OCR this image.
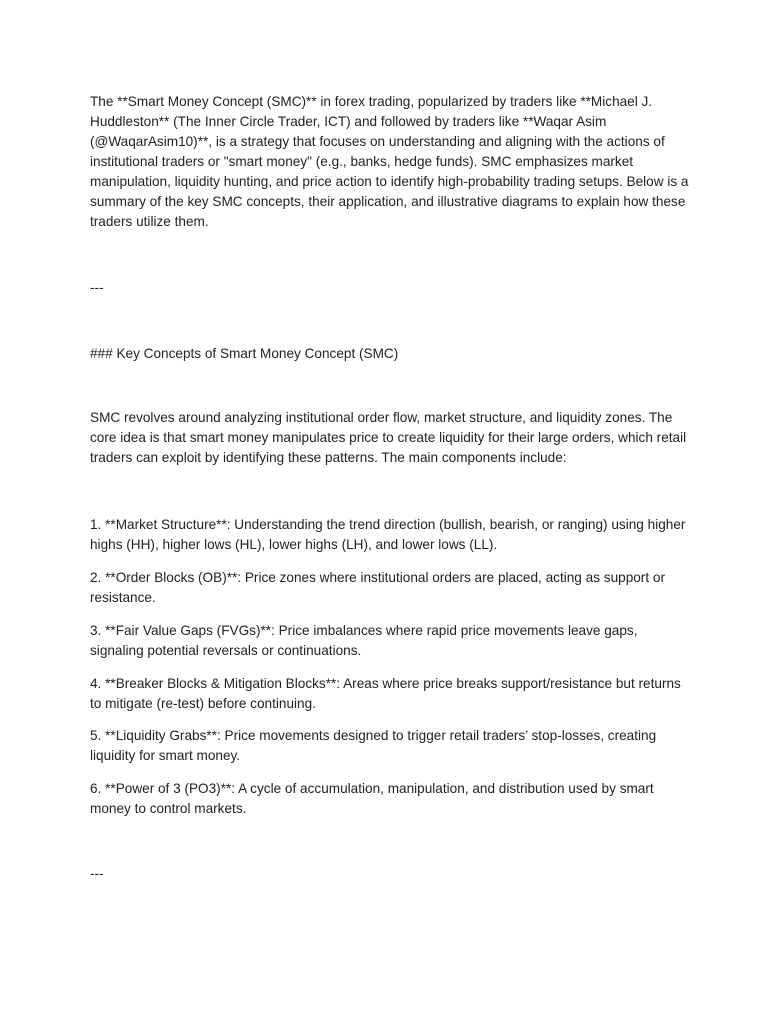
The **Smart Money Concept (SMC)** in forex trading, popularized by traders like **Michael J. Huddleston** (The Inner Circle Trader, ICT) and followed by traders like **Waqar Asim (@WaqarAsim10)**, is a strategy that focuses on understanding and aligning with the actions of institutional traders or "smart money" (e.g., banks, hedge funds). SMC emphasizes market manipulation, liquidity hunting, and price action to identify high-probability trading setups. Below is a summary of the key SMC concepts, their application, and illustrative diagrams to explain how these traders utilize them.

---

### Key Concepts of Smart Money Concept (SMC)

SMC revolves around analyzing institutional order flow, market structure, and liquidity zones. The core idea is that smart money manipulates price to create liquidity for their large orders, which retail traders can exploit by identifying these patterns. The main components include:

1. **Market Structure**: Understanding the trend direction (bullish, bearish, or ranging) using higher highs (HH), higher lows (HL), lower highs (LH), and lower lows (LL).

2. **Order Blocks (OB)**: Price zones where institutional orders are placed, acting as support or resistance.

3. **Fair Value Gaps (FVGs)**: Price imbalances where rapid price movements leave gaps, signaling potential reversals or continuations.

4. **Breaker Blocks & Mitigation Blocks**: Areas where price breaks support/resistance but returns to mitigate (re-test) before continuing.

5. **Liquidity Grabs**: Price movements designed to trigger retail traders’ stop-losses, creating liquidity for smart money.

6. **Power of 3 (PO3)**: A cycle of accumulation, manipulation, and distribution used by smart money to control markets.

---
